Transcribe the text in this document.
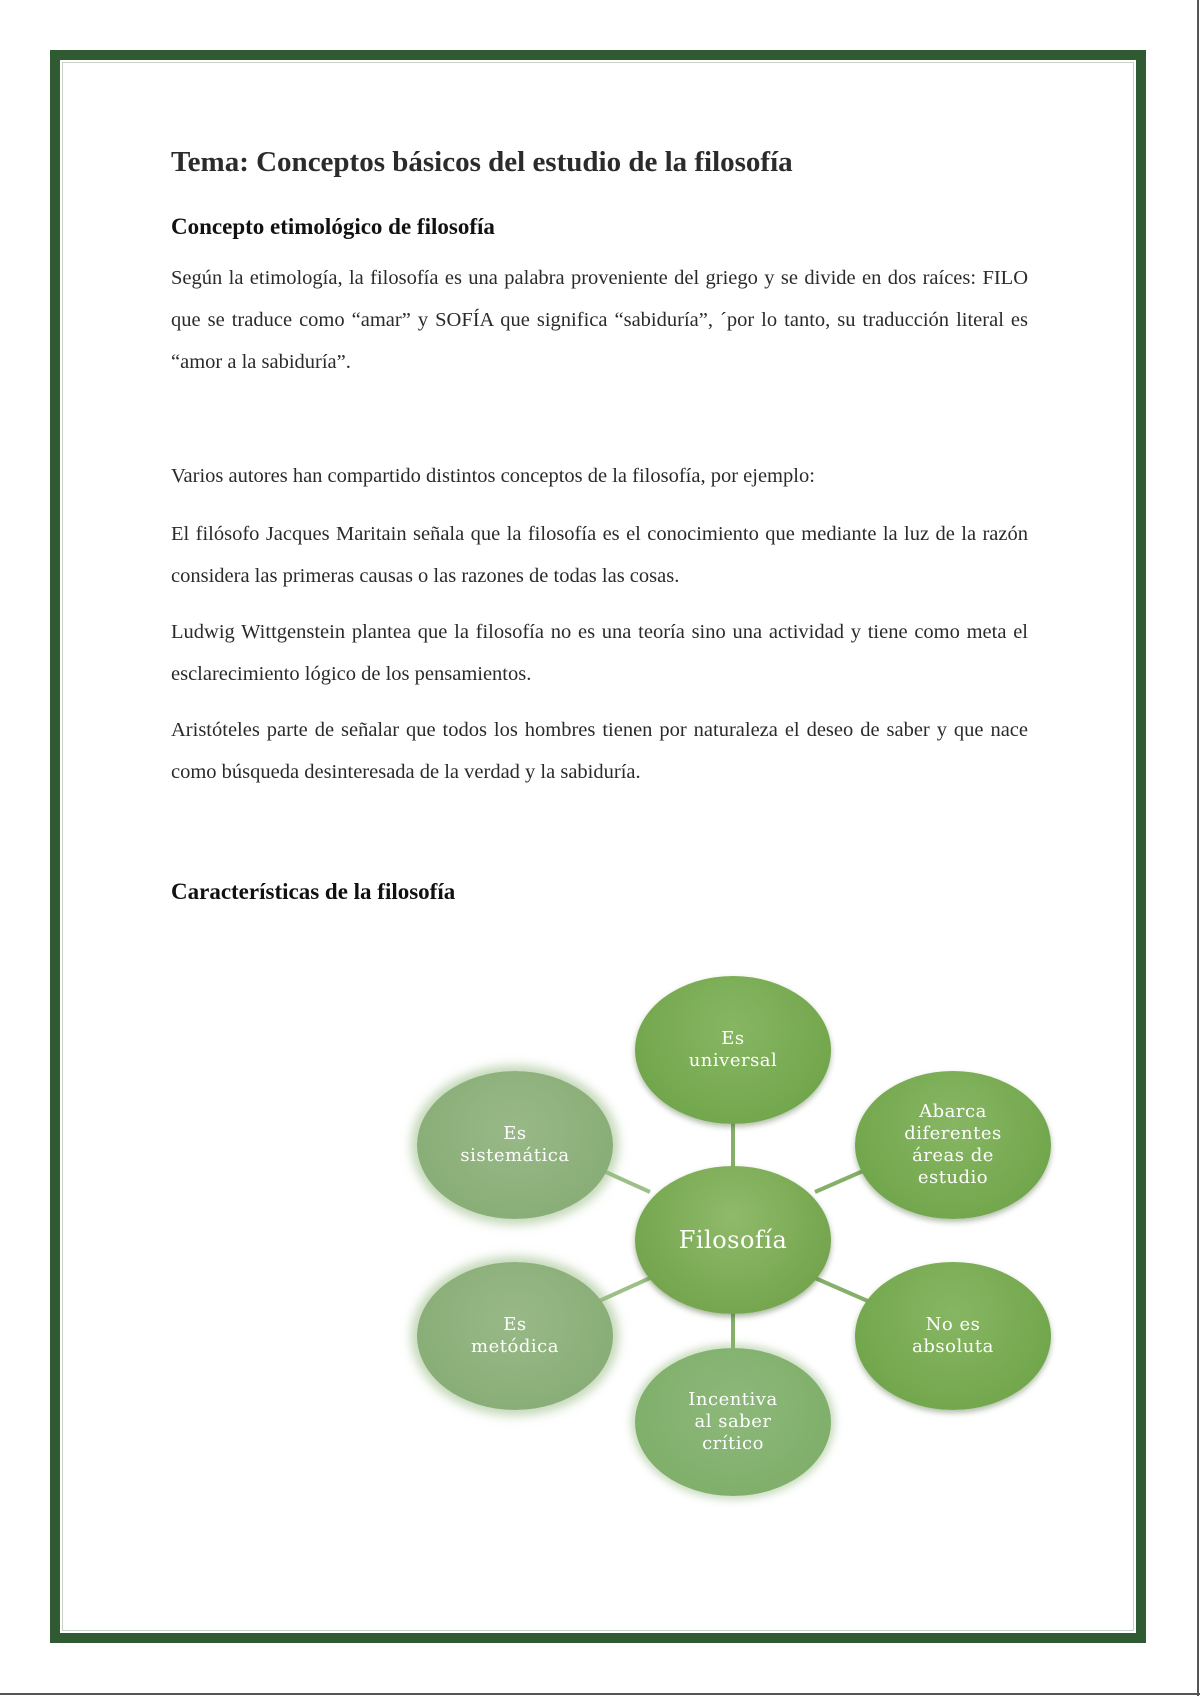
Tema: Conceptos básicos del estudio de la filosofía
Concepto etimológico de filosofía

Según la etimología, la filosofía es una palabra proveniente del griego y se divide en dos raíces: FILO que se traduce como “amar” y SOFÍA que significa “sabiduría”, ´por lo tanto, su traducción literal es “amor a la sabiduría”.

Varios autores han compartido distintos conceptos de la filosofía, por ejemplo:

El filósofo Jacques Maritain señala que la filosofía es el conocimiento que mediante la luz de la razón considera las primeras causas o las razones de todas las cosas.

Ludwig Wittgenstein plantea que la filosofía no es una teoría sino una actividad y tiene como meta el esclarecimiento lógico de los pensamientos.

Aristóteles parte de señalar que todos los hombres tienen por naturaleza el deseo de saber y que nace como búsqueda desinteresada de la verdad y la sabiduría.

Características de la filosofía
Es
universal
Abarca
diferentes
áreas de
estudio
No es
absoluta
Incentiva
al saber
crítico
Es
metódica
Es
sistemática
Filosofía
